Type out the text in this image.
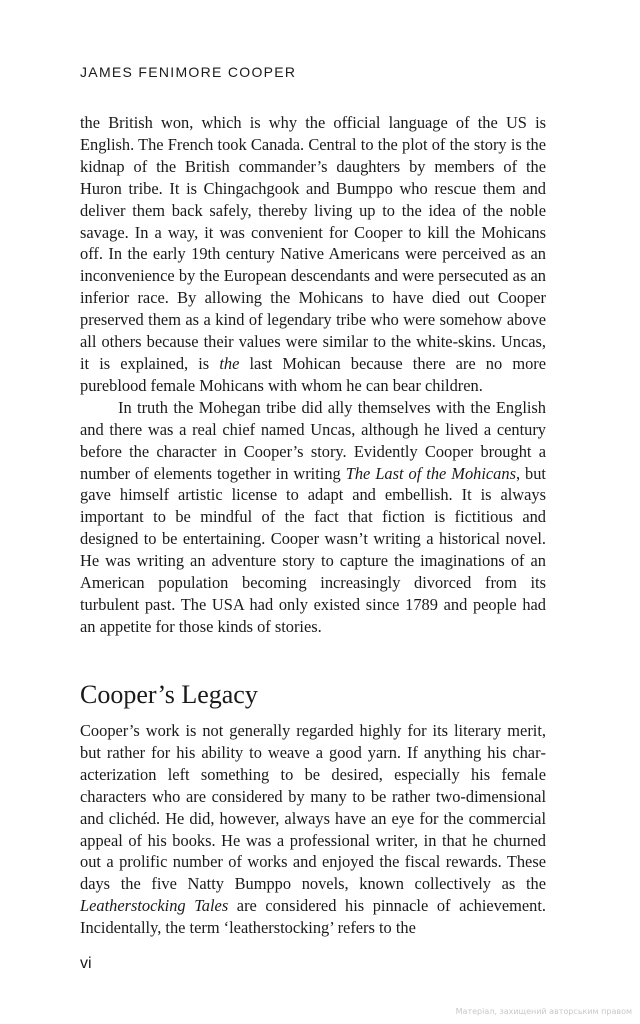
JAMES FENIMORE COOPER

the British won, which is why the official language of the US is English. The French took Canada. Central to the plot of the story is the kidnap of the British commander’s daughters by members of the Huron tribe. It is Chingachgook and Bumppo who rescue them and deliver them back safely, thereby living up to the idea of the noble savage. In a way, it was convenient for Cooper to kill the Mohicans off. In the early 19th century Native Americans were perceived as an inconvenience by the European descendants and were persecuted as an inferior race. By allowing the Mohicans to have died out Cooper preserved them as a kind of legendary tribe who were somehow above all others because their values were similar to the white-skins. Uncas, it is explained, is the last Mohican because there are no more pureblood female Mohicans with whom he can bear children.

In truth the Mohegan tribe did ally themselves with the English and there was a real chief named Uncas, although he lived a century before the character in Cooper’s story. Evidently Cooper brought a number of elements together in writing The Last of the Mohicans, but gave himself artistic license to adapt and embellish. It is always important to be mindful of the fact that fiction is fictitious and designed to be entertaining. Cooper wasn’t writing a historical novel. He was writing an adventure story to capture the imaginations of an American population becoming increasingly divorced from its turbulent past. The USA had only existed since 1789 and people had an appetite for those kinds of stories.

Cooper’s Legacy

Cooper’s work is not generally regarded highly for its literary merit, but rather for his ability to weave a good yarn. If anything his characterization left something to be desired, especially his female characters who are considered by many to be rather two-dimensional and clichéd. He did, however, always have an eye for the commercial appeal of his books. He was a professional writer, in that he churned out a prolific number of works and enjoyed the fiscal rewards. These days the five Natty Bumppo novels, known collectively as the Leatherstocking Tales are considered his pinnacle of achievement. Incidentally, the term ‘leatherstocking’ refers to the

vi
Матеріал, захищений авторським правом
